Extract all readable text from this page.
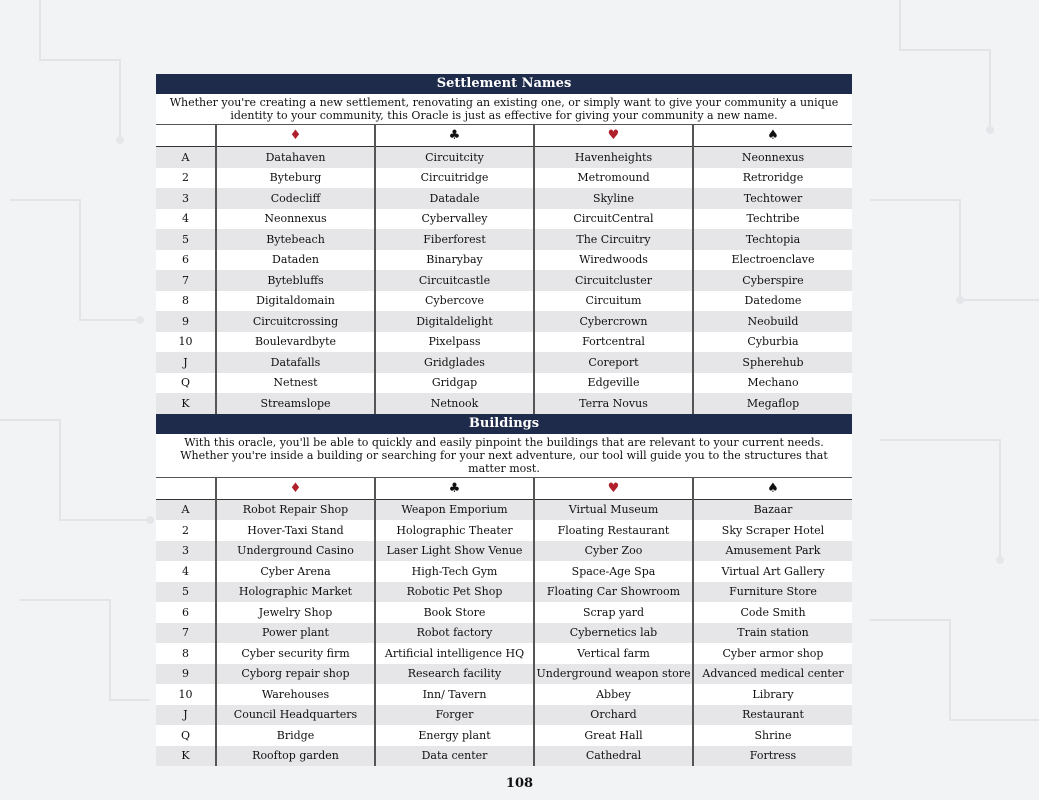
Settlement Names
Whether you're creating a new settlement, renovating an existing one, or simply want to give your community a unique identity to your community, this Oracle is just as effective for giving your community a new name.
	♦	♣	♥	♠
A	Datahaven	Circuitcity	Havenheights	Neonnexus
2	Byteburg	Circuitridge	Metromound	Retroridge
3	Codecliff	Datadale	Skyline	Techtower
4	Neonnexus	Cybervalley	CircuitCentral	Techtribe
5	Bytebeach	Fiberforest	The Circuitry	Techtopia
6	Dataden	Binarybay	Wiredwoods	Electroenclave
7	Bytebluffs	Circuitcastle	Circuitcluster	Cyberspire
8	Digitaldomain	Cybercove	Circuitum	Datedome
9	Circuitcrossing	Digitaldelight	Cybercrown	Neobuild
10	Boulevardbyte	Pixelpass	Fortcentral	Cyburbia
J	Datafalls	Gridglades	Coreport	Spherehub
Q	Netnest	Gridgap	Edgeville	Mechano
K	Streamslope	Netnook	Terra Novus	Megaflop
Buildings
With this oracle, you'll be able to quickly and easily pinpoint the buildings that are relevant to your current needs. Whether you're inside a building or searching for your next adventure, our tool will guide you to the structures that matter most.
	♦	♣	♥	♠
A	Robot Repair Shop	Weapon Emporium	Virtual Museum	Bazaar
2	Hover-Taxi Stand	Holographic Theater	Floating Restaurant	Sky Scraper Hotel
3	Underground Casino	Laser Light Show Venue	Cyber Zoo	Amusement Park
4	Cyber Arena	High-Tech Gym	Space-Age Spa	Virtual Art Gallery
5	Holographic Market	Robotic Pet Shop	Floating Car Showroom	Furniture Store
6	Jewelry Shop	Book Store	Scrap yard	Code Smith
7	Power plant	Robot factory	Cybernetics lab	Train station
8	Cyber security firm	Artificial intelligence HQ	Vertical farm	Cyber armor shop
9	Cyborg repair shop	Research facility	Underground weapon store	Advanced medical center
10	Warehouses	Inn/ Tavern	Abbey	Library
J	Council Headquarters	Forger	Orchard	Restaurant
Q	Bridge	Energy plant	Great Hall	Shrine
K	Rooftop garden	Data center	Cathedral	Fortress
108
